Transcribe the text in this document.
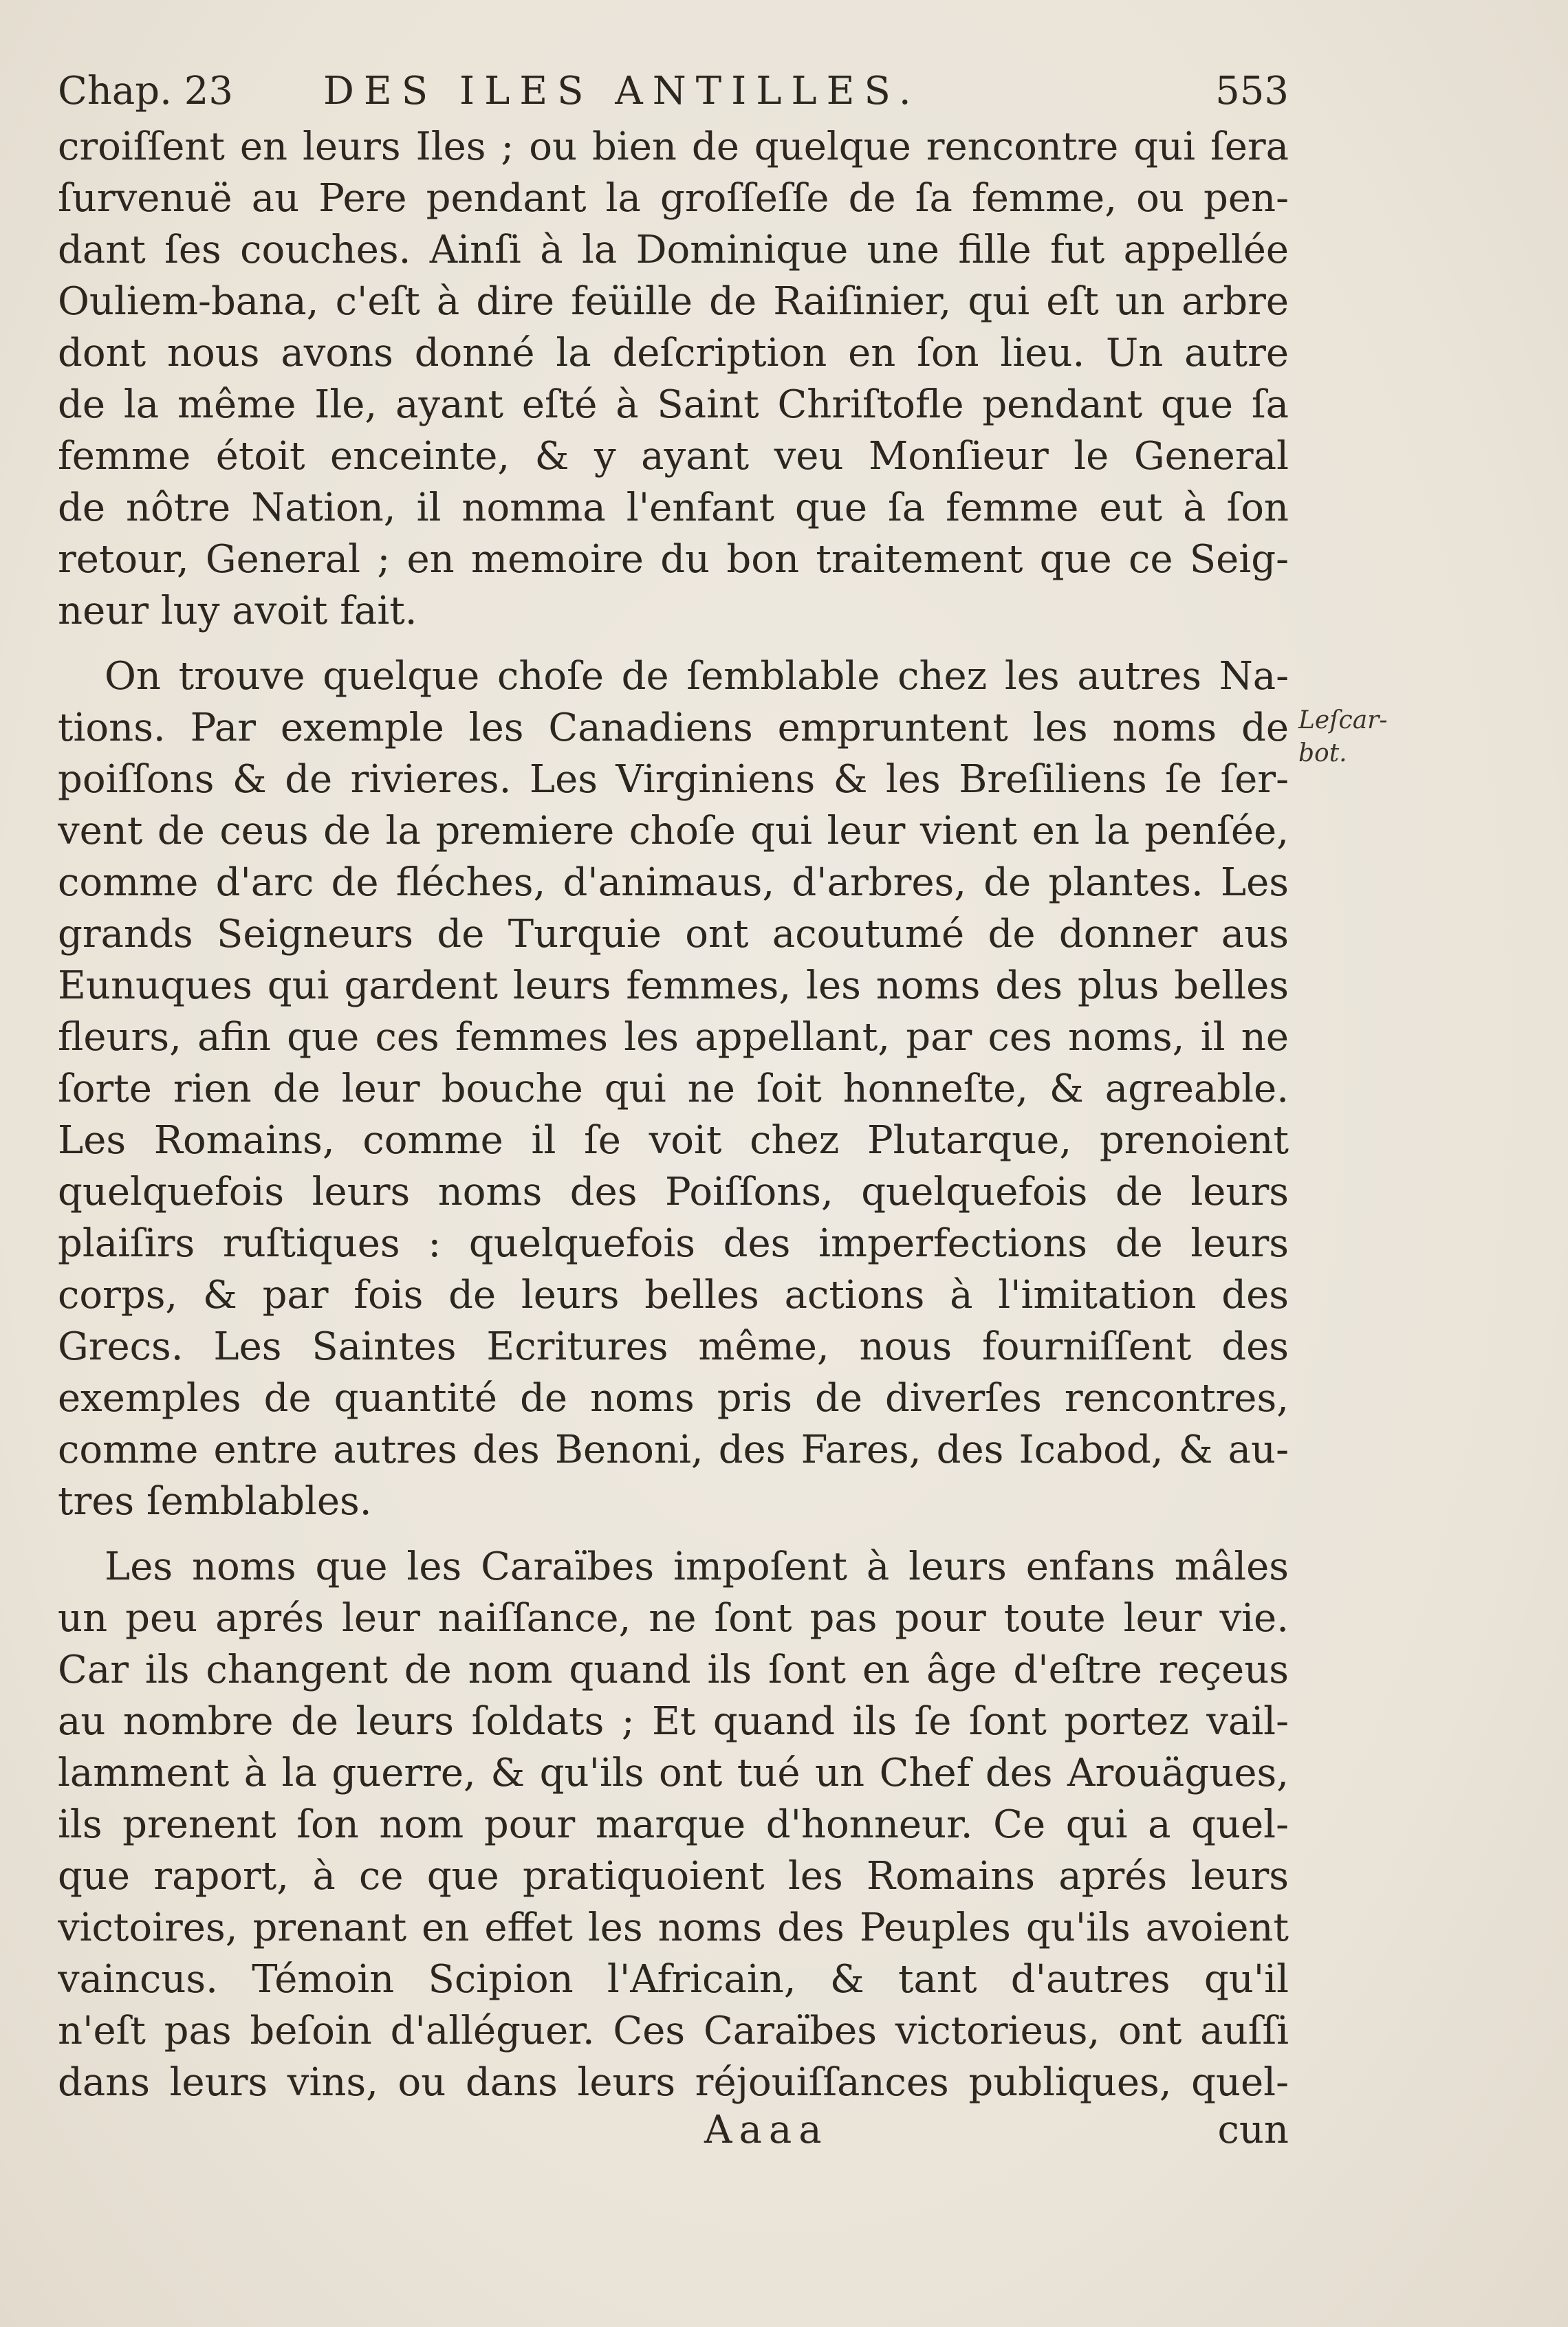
Chap. 23 DES ILES ANTILLES.	553
croiſſent en leurs Iles ; ou bien de quelque rencontre qui ſera
ſurvenuë au Pere pendant la groſſeſſe de ſa femme, ou pen-
dant ſes couches. Ainſi à la Dominique une fille fut appellée
Ouliem-bana, c'eſt à dire feüille de Raiſinier, qui eſt un arbre
dont nous avons donné la deſcription en ſon lieu. Un autre
de la même Ile, ayant eſté à Saint Chriſtofle pendant que ſa
femme étoit enceinte, & y ayant veu Monſieur le General
de nôtre Nation, il nomma l'enfant que ſa femme eut à ſon
retour, General ; en memoire du bon traitement que ce Seig-
neur luy avoit fait.
On trouve quelque choſe de ſemblable chez les autres Na-
tions. Par exemple les Canadiens empruntent les noms de
poiſſons & de rivieres. Les Virginiens & les Breſiliens ſe ſer-
vent de ceus de la premiere choſe qui leur vient en la penſée,
comme d'arc de fléches, d'animaus, d'arbres, de plantes. Les
grands Seigneurs de Turquie ont acoutumé de donner aus
Eunuques qui gardent leurs femmes, les noms des plus belles
fleurs, afin que ces femmes les appellant, par ces noms, il ne
ſorte rien de leur bouche qui ne ſoit honneſte, & agreable.
Les Romains, comme il ſe voit chez Plutarque, prenoient
quelquefois leurs noms des Poiſſons, quelquefois de leurs
plaiſirs ruſtiques : quelquefois des imperfections de leurs
corps, & par fois de leurs belles actions à l'imitation des
Grecs. Les Saintes Ecritures même, nous fourniſſent des
exemples de quantité de noms pris de diverſes rencontres,
comme entre autres des Benoni, des Fares, des Icabod, & au-
tres ſemblables.
Les noms que les Caraïbes impoſent à leurs enfans mâles
un peu aprés leur naiſſance, ne ſont pas pour toute leur vie.
Car ils changent de nom quand ils ſont en âge d'eſtre reçeus
au nombre de leurs ſoldats ; Et quand ils ſe ſont portez vail-
lamment à la guerre, & qu'ils ont tué un Chef des Arouägues,
ils prenent ſon nom pour marque d'honneur. Ce qui a quel-
que raport, à ce que pratiquoient les Romains aprés leurs
victoires, prenant en effet les noms des Peuples qu'ils avoient
vaincus. Témoin Scipion l'Africain, & tant d'autres qu'il
n'eſt pas beſoin d'alléguer. Ces Caraïbes victorieus, ont auſſi
dans leurs vins, ou dans leurs réjouiſſances publiques, quel-
Leſcar-
bot.
Aaaa	cun
